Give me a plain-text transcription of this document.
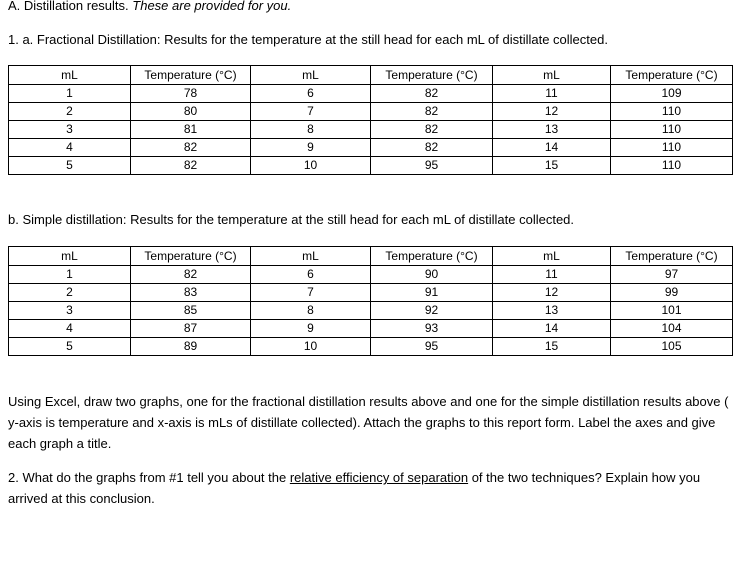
A. Distillation results. These are provided for you.
1. a. Fractional Distillation: Results for the temperature at the still head for each mL of distillate collected.
mL	Temperature (°C)	mL	Temperature (°C)	mL	Temperature (°C)
1	78	6	82	11	109
2	80	7	82	12	110
3	81	8	82	13	110
4	82	9	82	14	110
5	82	10	95	15	110
b. Simple distillation: Results for the temperature at the still head for each mL of distillate collected.
mL	Temperature (°C)	mL	Temperature (°C)	mL	Temperature (°C)
1	82	6	90	11	97
2	83	7	91	12	99
3	85	8	92	13	101
4	87	9	93	14	104
5	89	10	95	15	105
Using Excel, draw two graphs, one for the fractional distillation results above and one for the simple distillation results above ( y-axis is temperature and x-axis is mLs of distillate collected). Attach the graphs to this report form. Label the axes and give each graph a title.
2. What do the graphs from #1 tell you about the relative efficiency of separation of the two techniques? Explain how you arrived at this conclusion.
